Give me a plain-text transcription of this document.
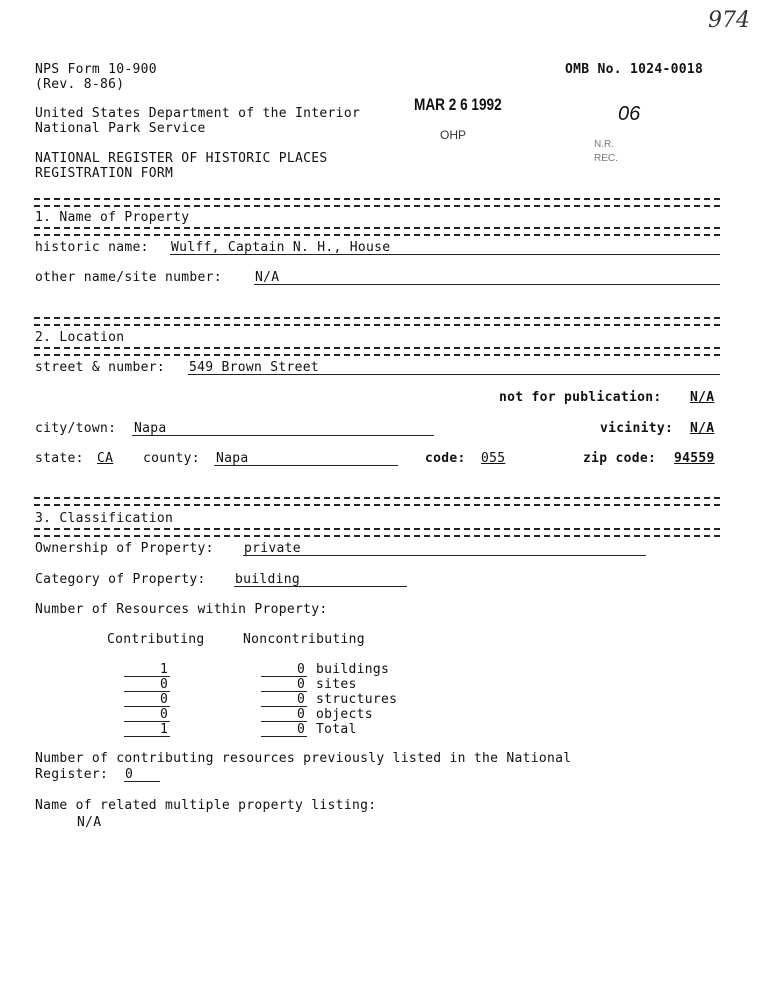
974
NPS Form 10-900
(Rev. 8-86)
OMB No. 1024-0018
United States Department of the Interior
National Park Service
MAR 2 6 1992
OHP
06
N.R.
REC.
NATIONAL REGISTER OF HISTORIC PLACES
REGISTRATION FORM
1. Name of Property
historic name: Wulff, Captain N. H., House
other name/site number:	N/A
2. Location
street & number: 549 Brown Street
not for publication: N/A
city/town: Napa	vicinity: N/A
state: CA county: Napa	code: 055	zip code: 94559
3. Classification
Ownership of Property: private
Category of Property: building
Number of Resources within Property:
Contributing	Noncontributing
1	0 buildings
0	0 sites
0	0 structures
0	0 objects
1	0 Total
Number of contributing resources previously listed in the National
Register: 0
Name of related multiple property listing:
N/A
